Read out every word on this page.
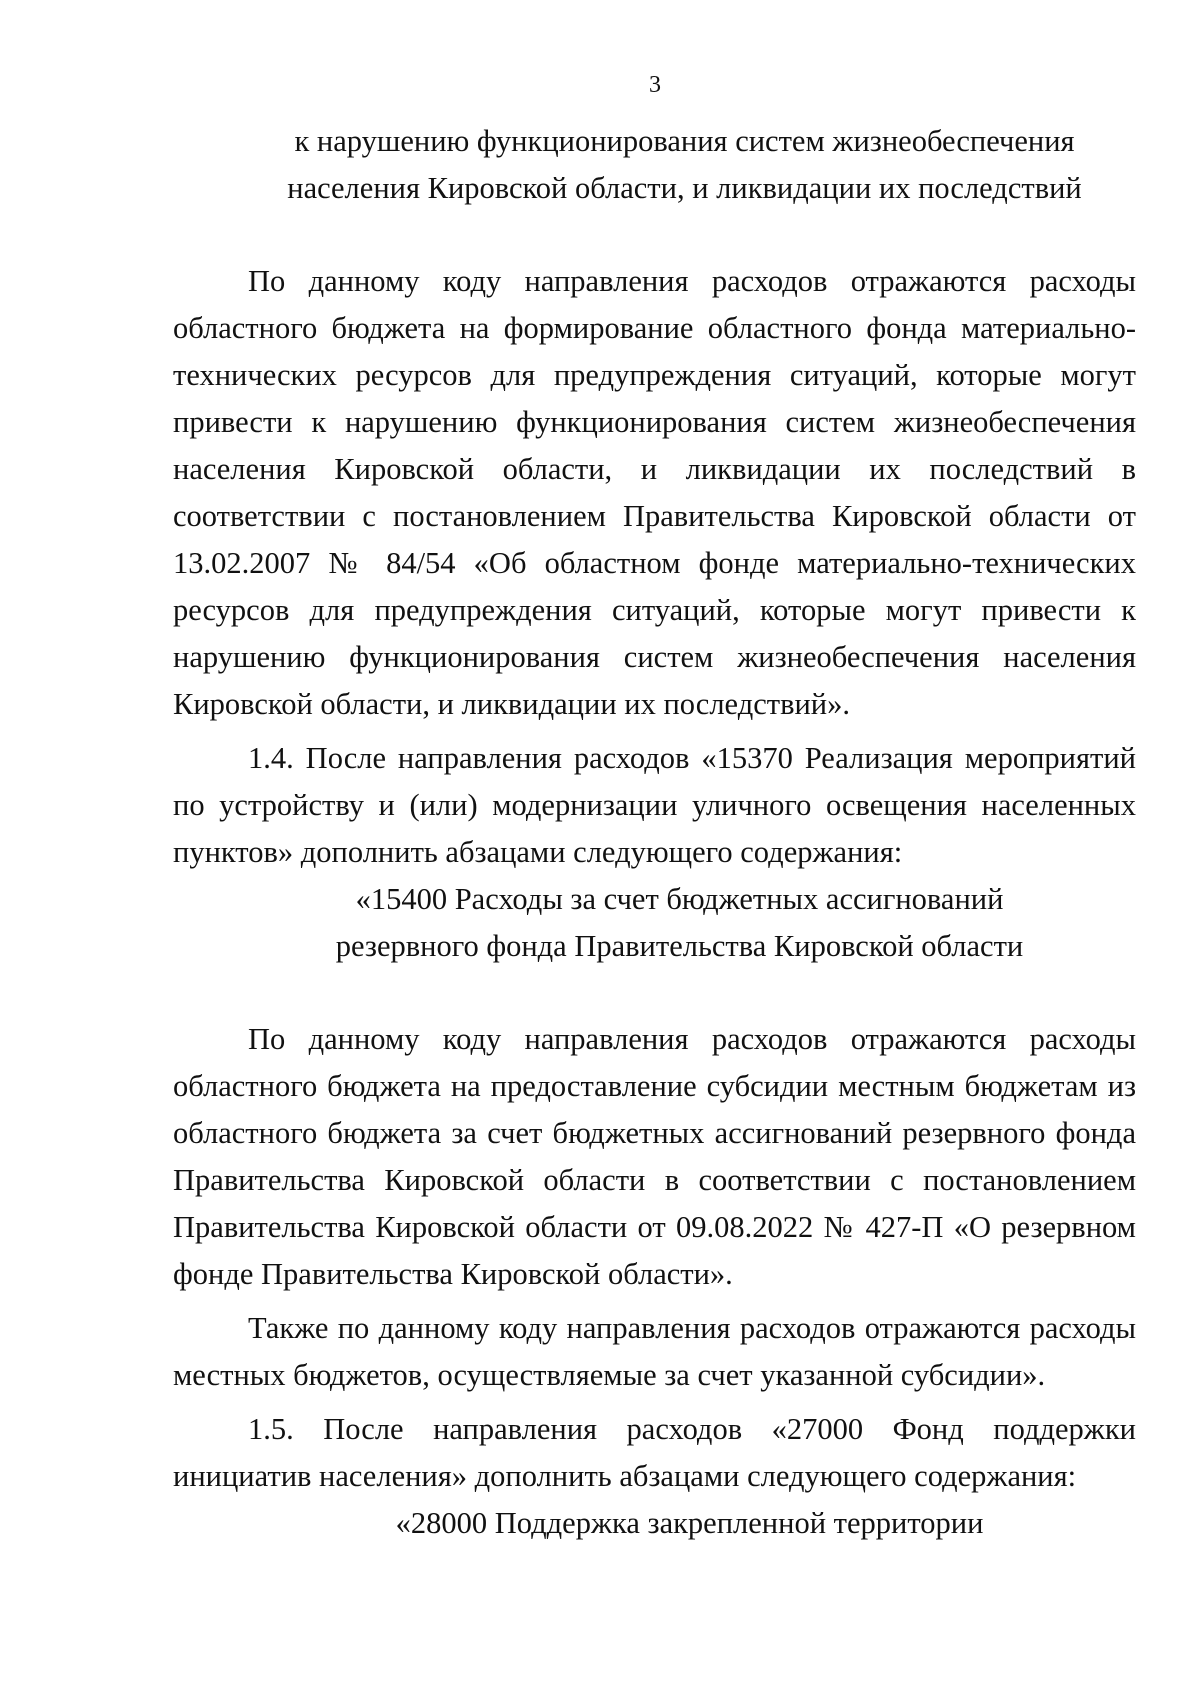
3

к нарушению функционирования систем жизнеобеспечения
населения Кировской области, и ликвидации их последствий

По данному коду направления расходов отражаются расходы областного бюджета на формирование областного фонда материально-технических ресурсов для предупреждения ситуаций, которые могут привести к нарушению функционирования систем жизнеобеспечения населения Кировской области, и ликвидации их последствий в соответствии с постановлением Правительства Кировской области от 13.02.2007 № 84/54 «Об областном фонде материально-технических ресурсов для предупреждения ситуаций, которые могут привести к нарушению функционирования систем жизнеобеспечения населения Кировской области, и ликвидации их последствий».

1.4. После направления расходов «15370 Реализация мероприятий по устройству и (или) модернизации уличного освещения населенных пунктов» дополнить абзацами следующего содержания:

«15400 Расходы за счет бюджетных ассигнований
резервного фонда Правительства Кировской области

По данному коду направления расходов отражаются расходы областного бюджета на предоставление субсидии местным бюджетам из областного бюджета за счет бюджетных ассигнований резервного фонда Правительства Кировской области в соответствии с постановлением Правительства Кировской области от 09.08.2022 № 427-П «О резервном фонде Правительства Кировской области».

Также по данному коду направления расходов отражаются расходы местных бюджетов, осуществляемые за счет указанной субсидии».

1.5. После направления расходов «27000 Фонд поддержки инициатив населения» дополнить абзацами следующего содержания:

«28000 Поддержка закрепленной территории
